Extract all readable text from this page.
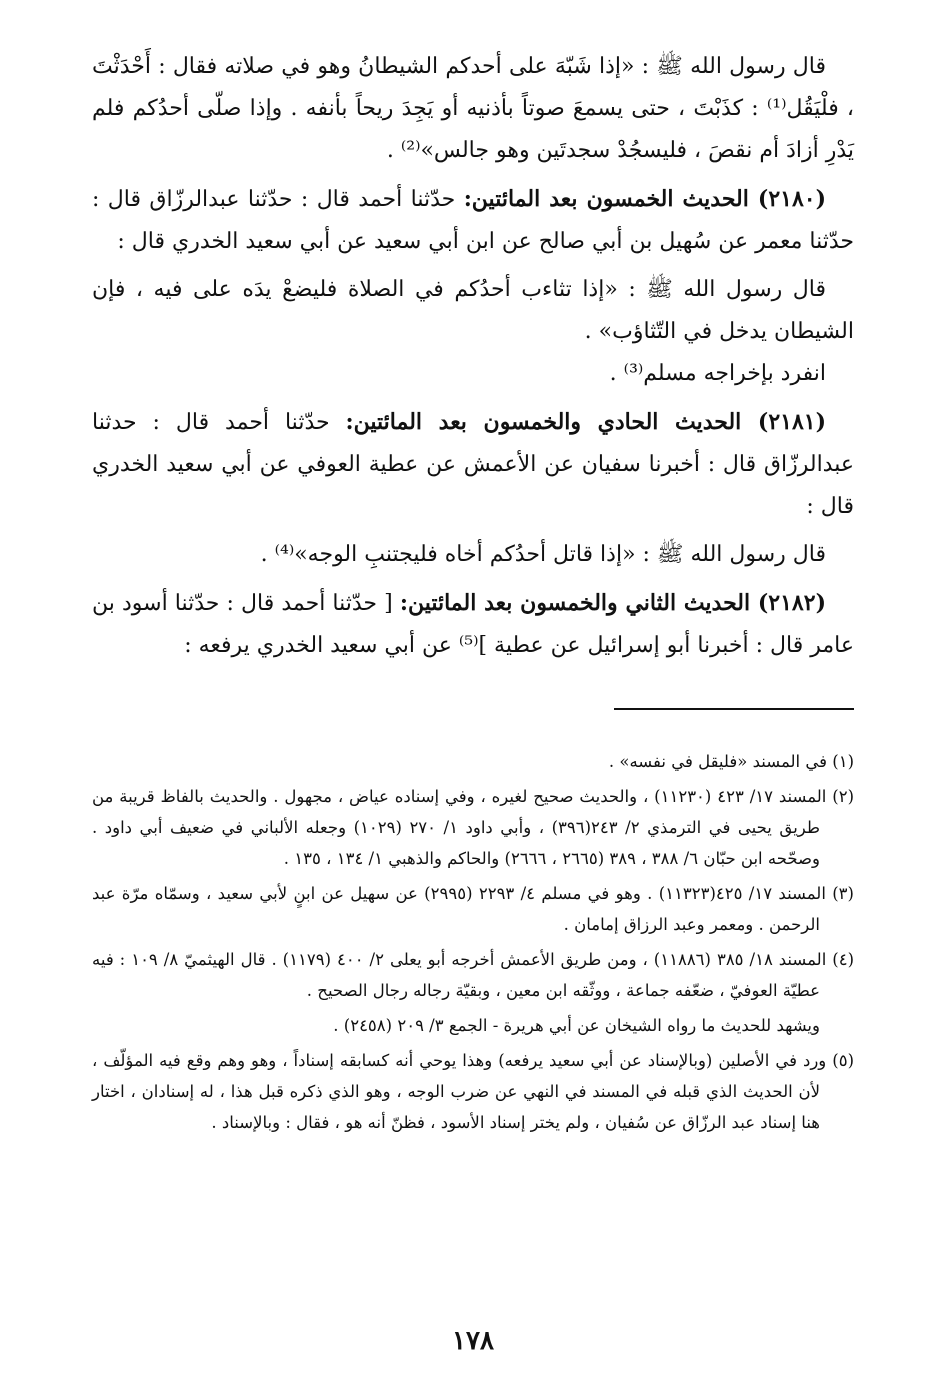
قال رسول الله ﷺ : «إذا شَبّهَ على أحدكم الشيطانُ وهو في صلاته فقال : أَحْدَثْتَ ، فلْيَقُل⁽¹⁾ : كذَبْتَ ، حتى يسمعَ صوتاً بأذنيه أو يَجِدَ ريحاً بأنفه . وإذا صلّى أحدُكم فلم يَدْرِ أزادَ أم نقصَ ، فليسجُدْ سجدتَين وهو جالس»⁽²⁾ .

(٢١٨٠) الحديث الخمسون بعد المائتين: حدّثنا أحمد قال : حدّثنا عبدالرزّاق قال : حدّثنا معمر عن سُهيل بن أبي صالح عن ابن أبي سعيد عن أبي سعيد الخدري قال :

قال رسول الله ﷺ : «إذا تثاءب أحدُكم في الصلاة فليضعْ يدَه على فيه ، فإن الشيطان يدخل في التّثاؤب» .

انفرد بإخراجه مسلم⁽³⁾ .

(٢١٨١) الحديث الحادي والخمسون بعد المائتين: حدّثنا أحمد قال : حدثنا عبدالرزّاق قال : أخبرنا سفيان عن الأعمش عن عطية العوفي عن أبي سعيد الخدري قال :

قال رسول الله ﷺ : «إذا قاتل أحدُكم أخاه فليجتنبِ الوجه»⁽⁴⁾ .

(٢١٨٢) الحديث الثاني والخمسون بعد المائتين: [ حدّثنا أحمد قال : حدّثنا أسود بن عامر قال : أخبرنا أبو إسرائيل عن عطية ]⁽⁵⁾ عن أبي سعيد الخدري يرفعه :

(١) في المسند «فليقل في نفسه» .

(٢) المسند ١٧/ ٤٢٣ (١١٢٣٠) ، والحديث صحيح لغيره ، وفي إسناده عياض ، مجهول . والحديث بالفاظ قريبة من طريق يحيى في الترمذي ٢/ ٢٤٣(٣٩٦) ، وأبي داود ١/ ٢٧٠ (١٠٢٩) وجعله الألباني في ضعيف أبي داود . وصحّحه ابن حبّان ٦/ ٣٨٨ ، ٣٨٩ (٢٦٦٥ ، ٢٦٦٦) والحاكم والذهبي ١/ ١٣٤ ، ١٣٥ .

(٣) المسند ١٧/ ٤٢٥(١١٣٢٣) . وهو في مسلم ٤/ ٢٢٩٣ (٢٩٩٥) عن سهيل عن ابنٍ لأبي سعيد ، وسمّاه مرّة عبد الرحمن . ومعمر وعبد الرزاق إمامان .

(٤) المسند ١٨/ ٣٨٥ (١١٨٨٦) ، ومن طريق الأعمش أخرجه أبو يعلى ٢/ ٤٠٠ (١١٧٩) . قال الهيثميّ ٨/ ١٠٩ : فيه عطيّة العوفيّ ، ضعّفه جماعة ، ووثّقه ابن معين ، وبقيّة رجاله رجال الصحيح .

ويشهد للحديث ما رواه الشيخان عن أبي هريرة - الجمع ٣/ ٢٠٩ (٢٤٥٨) .

(٥) ورد في الأصلين (وبالإسناد عن أبي سعيد يرفعه) وهذا يوحي أنه كسابقه إسناداً ، وهو وهم وقع فيه المؤلّف ، لأن الحديث الذي قبله في المسند في النهي عن ضرب الوجه ، وهو الذي ذكره قبل هذا ، له إسنادان ، اختار هنا إسناد عبد الرزّاق عن سُفيان ، ولم يختر إسناد الأسود ، فظنّ أنه هو ، فقال : وبالإسناد .

١٧٨
